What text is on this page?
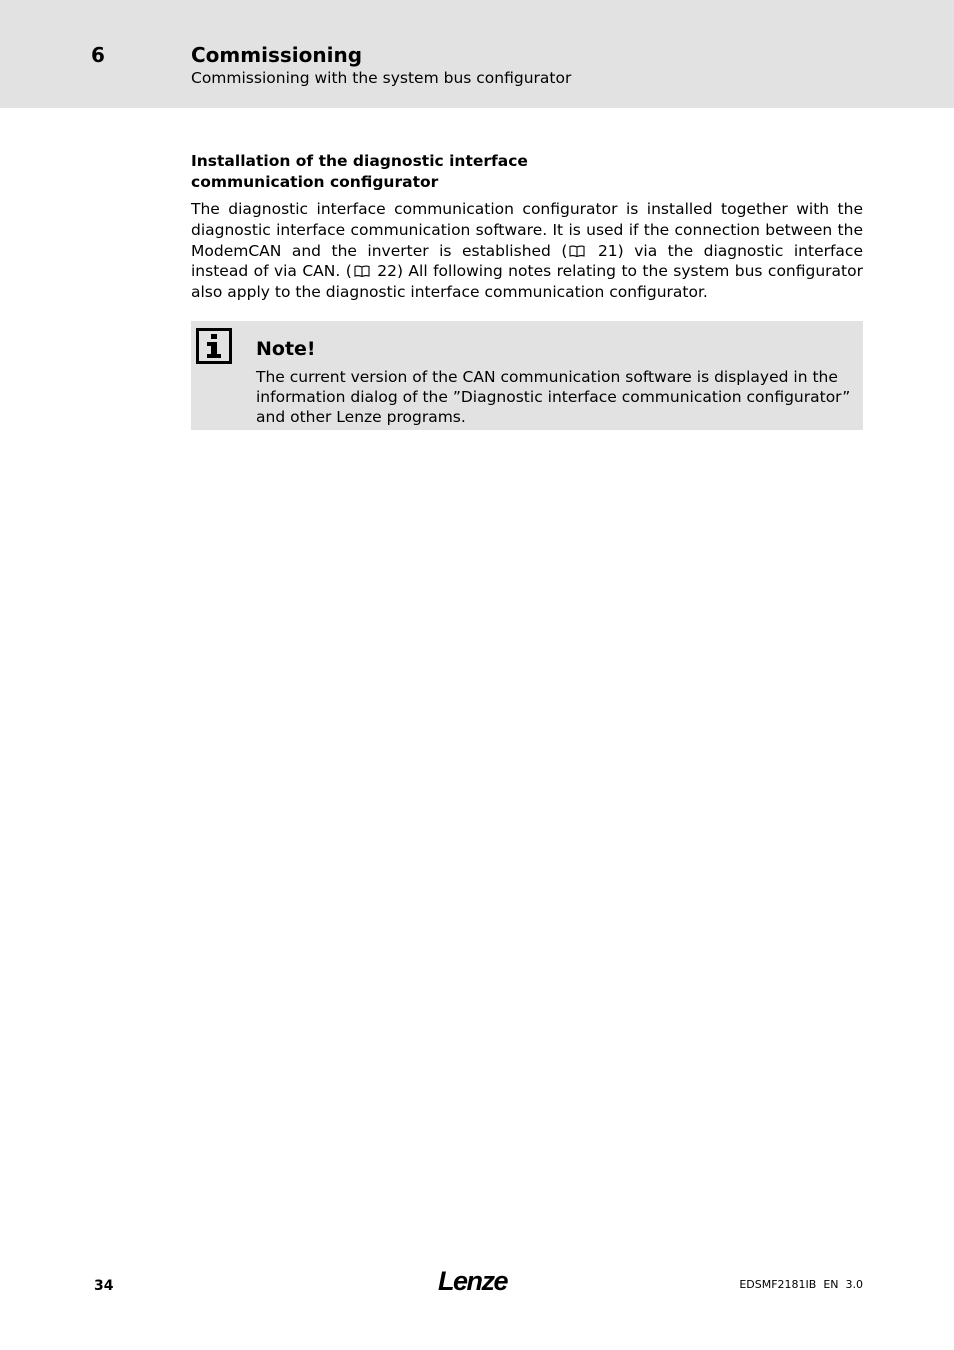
6	Commissioning
Commissioning with the system bus configurator
Installation of the diagnostic interface communication configurator

The diagnostic interface communication configurator is installed together with the diagnostic interface communication software. It is used if the connection between the ModemCAN and the inverter is established ( 21) via the diagnostic interface instead of via CAN. ( 22) All following notes relating to the system bus configurator also apply to the diagnostic interface communication configurator.

Note!

The current version of the CAN communication software is displayed in the information dialog of the ”Diagnostic interface communication configurator” and other Lenze programs.

34	Lenze	EDSMF2181IB  EN  3.0
